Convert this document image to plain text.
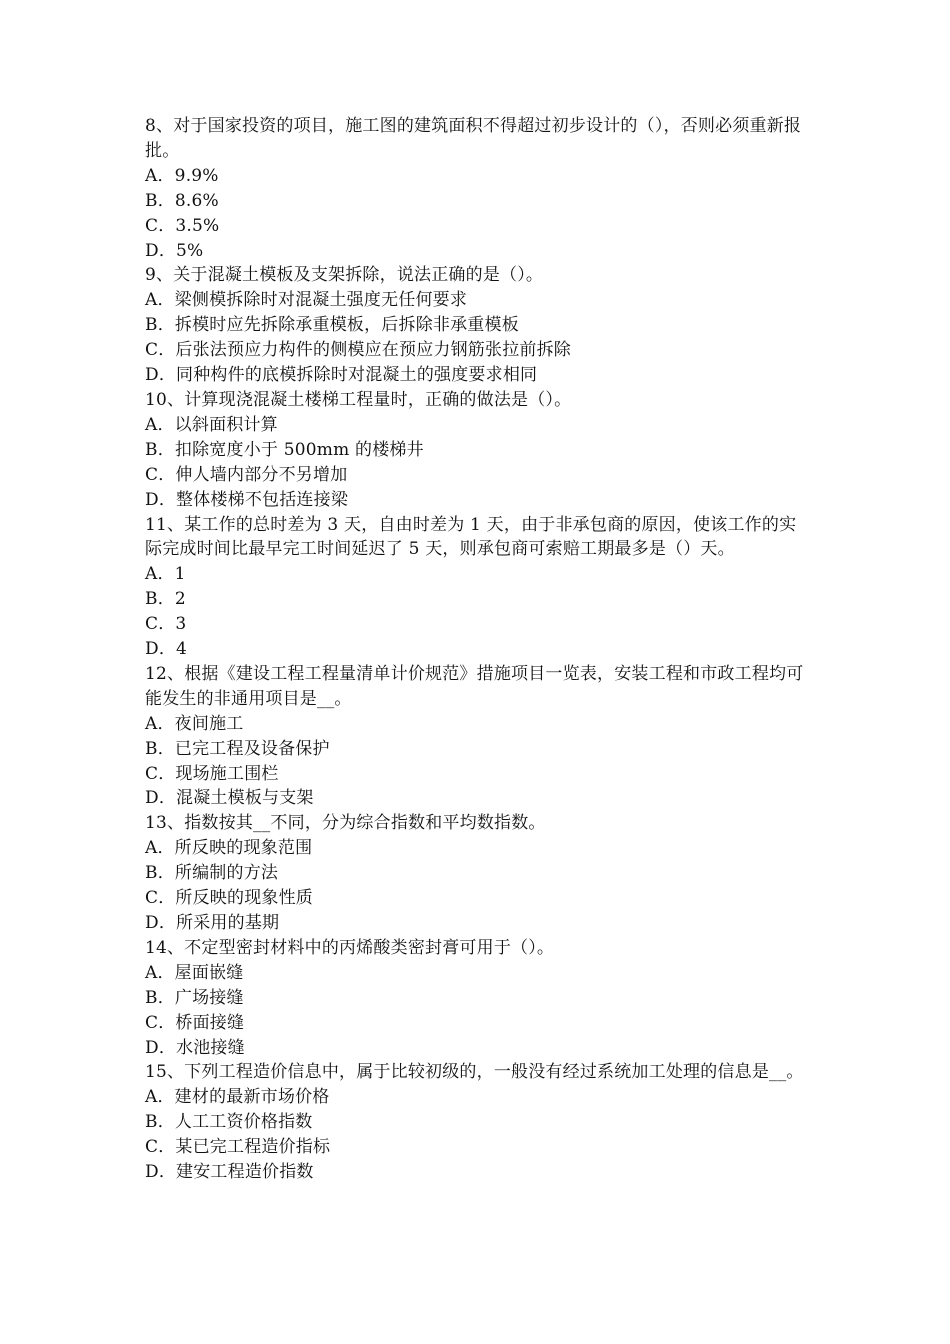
8、对于国家投资的项目，施工图的建筑面积不得超过初步设计的（），否则必须重新报批。

A．9.9%

B．8.6%

C．3.5%

D．5%

9、关于混凝土模板及支架拆除，说法正确的是（）。

A．梁侧模拆除时对混凝土强度无任何要求

B．拆模时应先拆除承重模板，后拆除非承重模板

C．后张法预应力构件的侧模应在预应力钢筋张拉前拆除

D．同种构件的底模拆除时对混凝土的强度要求相同

10、计算现浇混凝土楼梯工程量时，正确的做法是（）。

A．以斜面积计算

B．扣除宽度小于 500mm 的楼梯井

C．伸人墙内部分不另增加

D．整体楼梯不包括连接梁

11、某工作的总时差为 3 天，自由时差为 1 天，由于非承包商的原因，使该工作的实际完成时间比最早完工时间延迟了 5 天，则承包商可索赔工期最多是（）天。

A．1

B．2

C．3

D．4

12、根据《建设工程工程量清单计价规范》措施项目一览表，安装工程和市政工程均可能发生的非通用项目是__。

A．夜间施工

B．已完工程及设备保护

C．现场施工围栏

D．混凝土模板与支架

13、指数按其__不同，分为综合指数和平均数指数。

A．所反映的现象范围

B．所编制的方法

C．所反映的现象性质

D．所采用的基期

14、不定型密封材料中的丙烯酸类密封膏可用于（）。

A．屋面嵌缝

B．广场接缝

C．桥面接缝

D．水池接缝

15、下列工程造价信息中，属于比较初级的，一般没有经过系统加工处理的信息是__。

A．建材的最新市场价格

B．人工工资价格指数

C．某已完工程造价指标

D．建安工程造价指数
